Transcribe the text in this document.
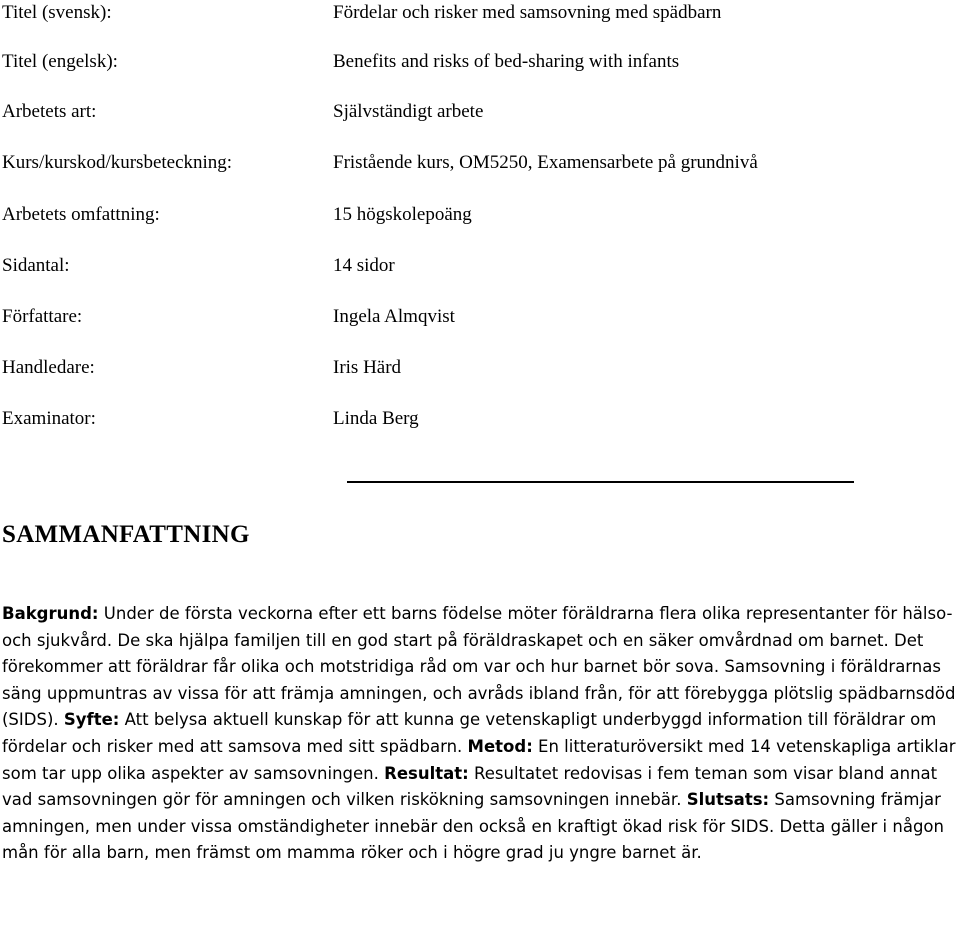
Titel (svensk):	Fördelar och risker med samsovning med spädbarn
Titel (engelsk):	Benefits and risks of bed-sharing with infants
Arbetets art:	Självständigt arbete
Kurs/kurskod/kursbeteckning:	Fristående kurs, OM5250, Examensarbete på grundnivå
Arbetets omfattning:	15 högskolepoäng
Sidantal:	14 sidor
Författare:	Ingela Almqvist
Handledare:	Iris Härd
Examinator:	Linda Berg
SAMMANFATTNING

Bakgrund: Under de första veckorna efter ett barns födelse möter föräldrarna flera olika representanter för hälso- och sjukvård. De ska hjälpa familjen till en god start på föräldraskapet och en säker omvårdnad om barnet. Det förekommer att föräldrar får olika och motstridiga råd om var och hur barnet bör sova. Samsovning i föräldrarnas säng uppmuntras av vissa för att främja amningen, och avråds ibland från, för att förebygga plötslig spädbarnsdöd (SIDS). Syfte: Att belysa aktuell kunskap för att kunna ge vetenskapligt underbyggd information till föräldrar om fördelar och risker med att samsova med sitt spädbarn. Metod: En litteraturöversikt med 14 vetenskapliga artiklar som tar upp olika aspekter av samsovningen. Resultat: Resultatet redovisas i fem teman som visar bland annat vad samsovningen gör för amningen och vilken riskökning samsovningen innebär. Slutsats: Samsovning främjar amningen, men under vissa omständigheter innebär den också en kraftigt ökad risk för SIDS. Detta gäller i någon mån för alla barn, men främst om mamma röker och i högre grad ju yngre barnet är.
